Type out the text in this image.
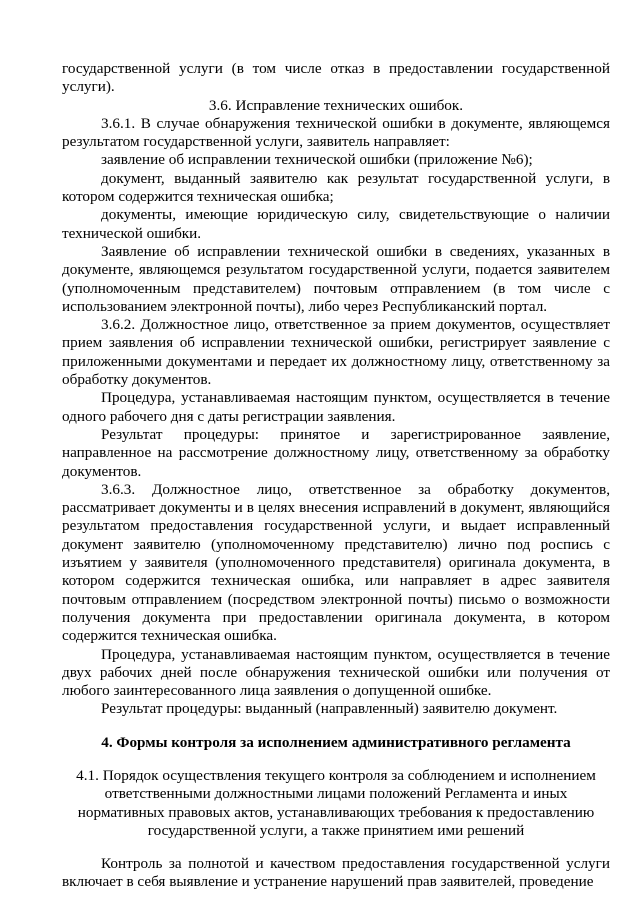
государственной услуги (в том числе отказ в предоставлении государственной услуги).

3.6. Исправление технических ошибок.

3.6.1. В случае обнаружения технической ошибки в документе, являющемся результатом государственной услуги, заявитель направляет:

заявление об исправлении технической ошибки (приложение №6);

документ, выданный заявителю как результат государственной услуги, в котором содержится техническая ошибка;

документы, имеющие юридическую силу, свидетельствующие о наличии технической ошибки.

Заявление об исправлении технической ошибки в сведениях, указанных в документе, являющемся результатом государственной услуги, подается заявителем (уполномоченным представителем) почтовым отправлением (в том числе с использованием электронной почты), либо через Республиканский портал.

3.6.2. Должностное лицо, ответственное за прием документов, осуществляет прием заявления об исправлении технической ошибки, регистрирует заявление с приложенными документами и передает их должностному лицу, ответственному за обработку документов.

Процедура, устанавливаемая настоящим пунктом, осуществляется в течение одного рабочего дня с даты регистрации заявления.

Результат процедуры: принятое и зарегистрированное заявление, направленное на рассмотрение должностному лицу, ответственному за обработку документов.

3.6.3. Должностное лицо, ответственное за обработку документов, рассматривает документы и в целях внесения исправлений в документ, являющийся результатом предоставления государственной услуги, и выдает исправленный документ заявителю (уполномоченному представителю) лично под роспись с изъятием у заявителя (уполномоченного представителя) оригинала документа, в котором содержится техническая ошибка, или направляет в адрес заявителя почтовым отправлением (посредством электронной почты) письмо о возможности получения документа при предоставлении оригинала документа, в котором содержится техническая ошибка.

Процедура, устанавливаемая настоящим пунктом, осуществляется в течение двух рабочих дней после обнаружения технической ошибки или получения от любого заинтересованного лица заявления о допущенной ошибке.

Результат процедуры: выданный (направленный) заявителю документ.

4. Формы контроля за исполнением административного регламента

4.1. Порядок осуществления текущего контроля за соблюдением и исполнением ответственными должностными лицами положений Регламента и иных нормативных правовых актов, устанавливающих требования к предоставлению государственной услуги, а также принятием ими решений

Контроль за полнотой и качеством предоставления государственной услуги включает в себя выявление и устранение нарушений прав заявителей, проведение
